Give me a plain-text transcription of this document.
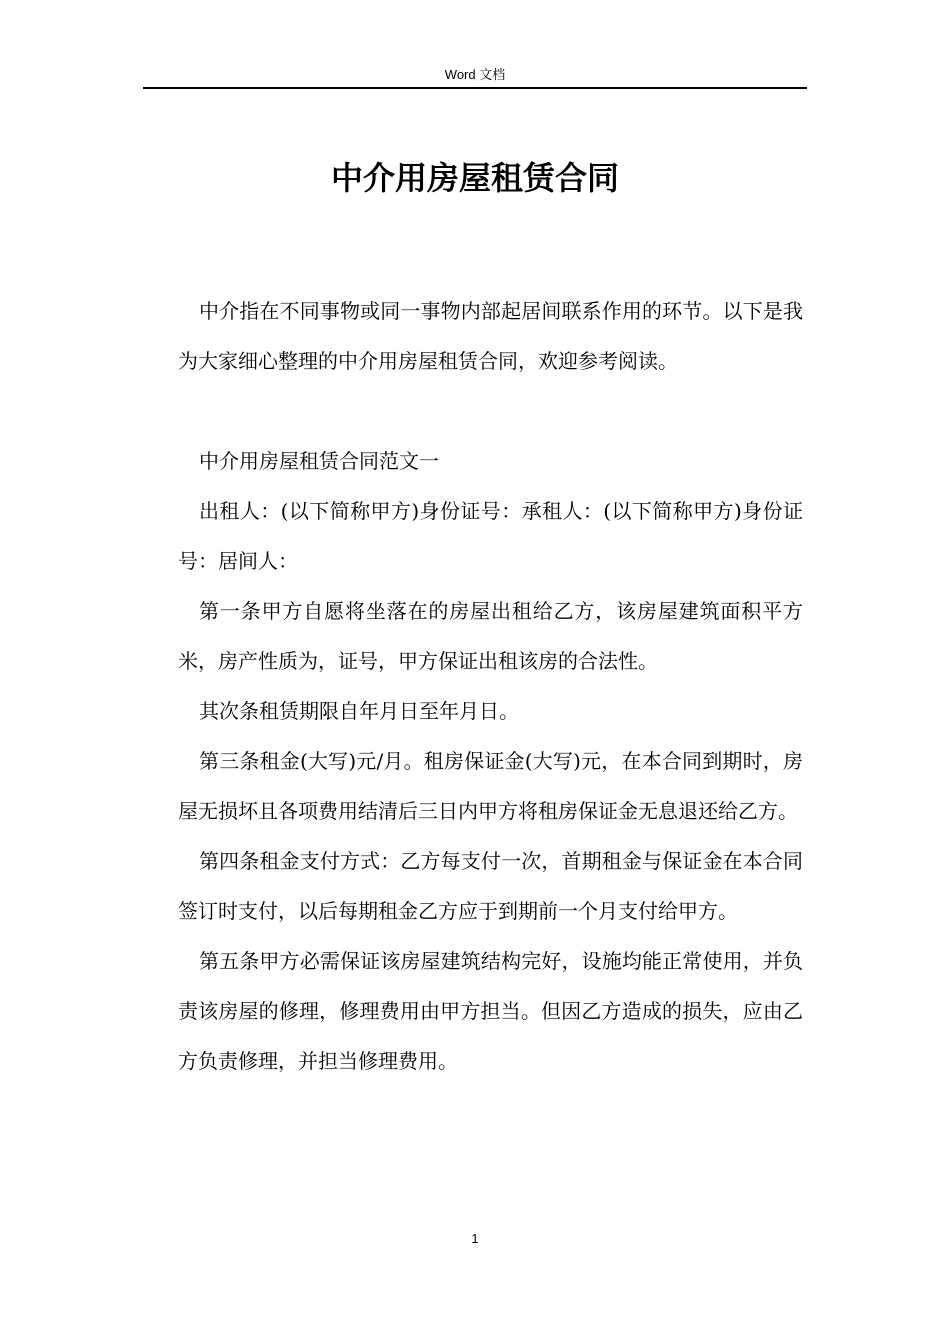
Word 文档
中介用房屋租赁合同

中介指在不同事物或同一事物内部起居间联系作用的环节。以下是我为大家细心整理的中介用房屋租赁合同，欢迎参考阅读。

中介用房屋租赁合同范文一

出租人：(以下简称甲方)身份证号：承租人：(以下简称甲方)身份证号：居间人：

第一条甲方自愿将坐落在的房屋出租给乙方，该房屋建筑面积平方米，房产性质为，证号，甲方保证出租该房的合法性。

其次条租赁期限自年月日至年月日。

第三条租金(大写)元/月。租房保证金(大写)元，在本合同到期时，房屋无损坏且各项费用结清后三日内甲方将租房保证金无息退还给乙方。

第四条租金支付方式：乙方每支付一次，首期租金与保证金在本合同签订时支付，以后每期租金乙方应于到期前一个月支付给甲方。

第五条甲方必需保证该房屋建筑结构完好，设施均能正常使用，并负责该房屋的修理，修理费用由甲方担当。但因乙方造成的损失，应由乙方负责修理，并担当修理费用。

1
